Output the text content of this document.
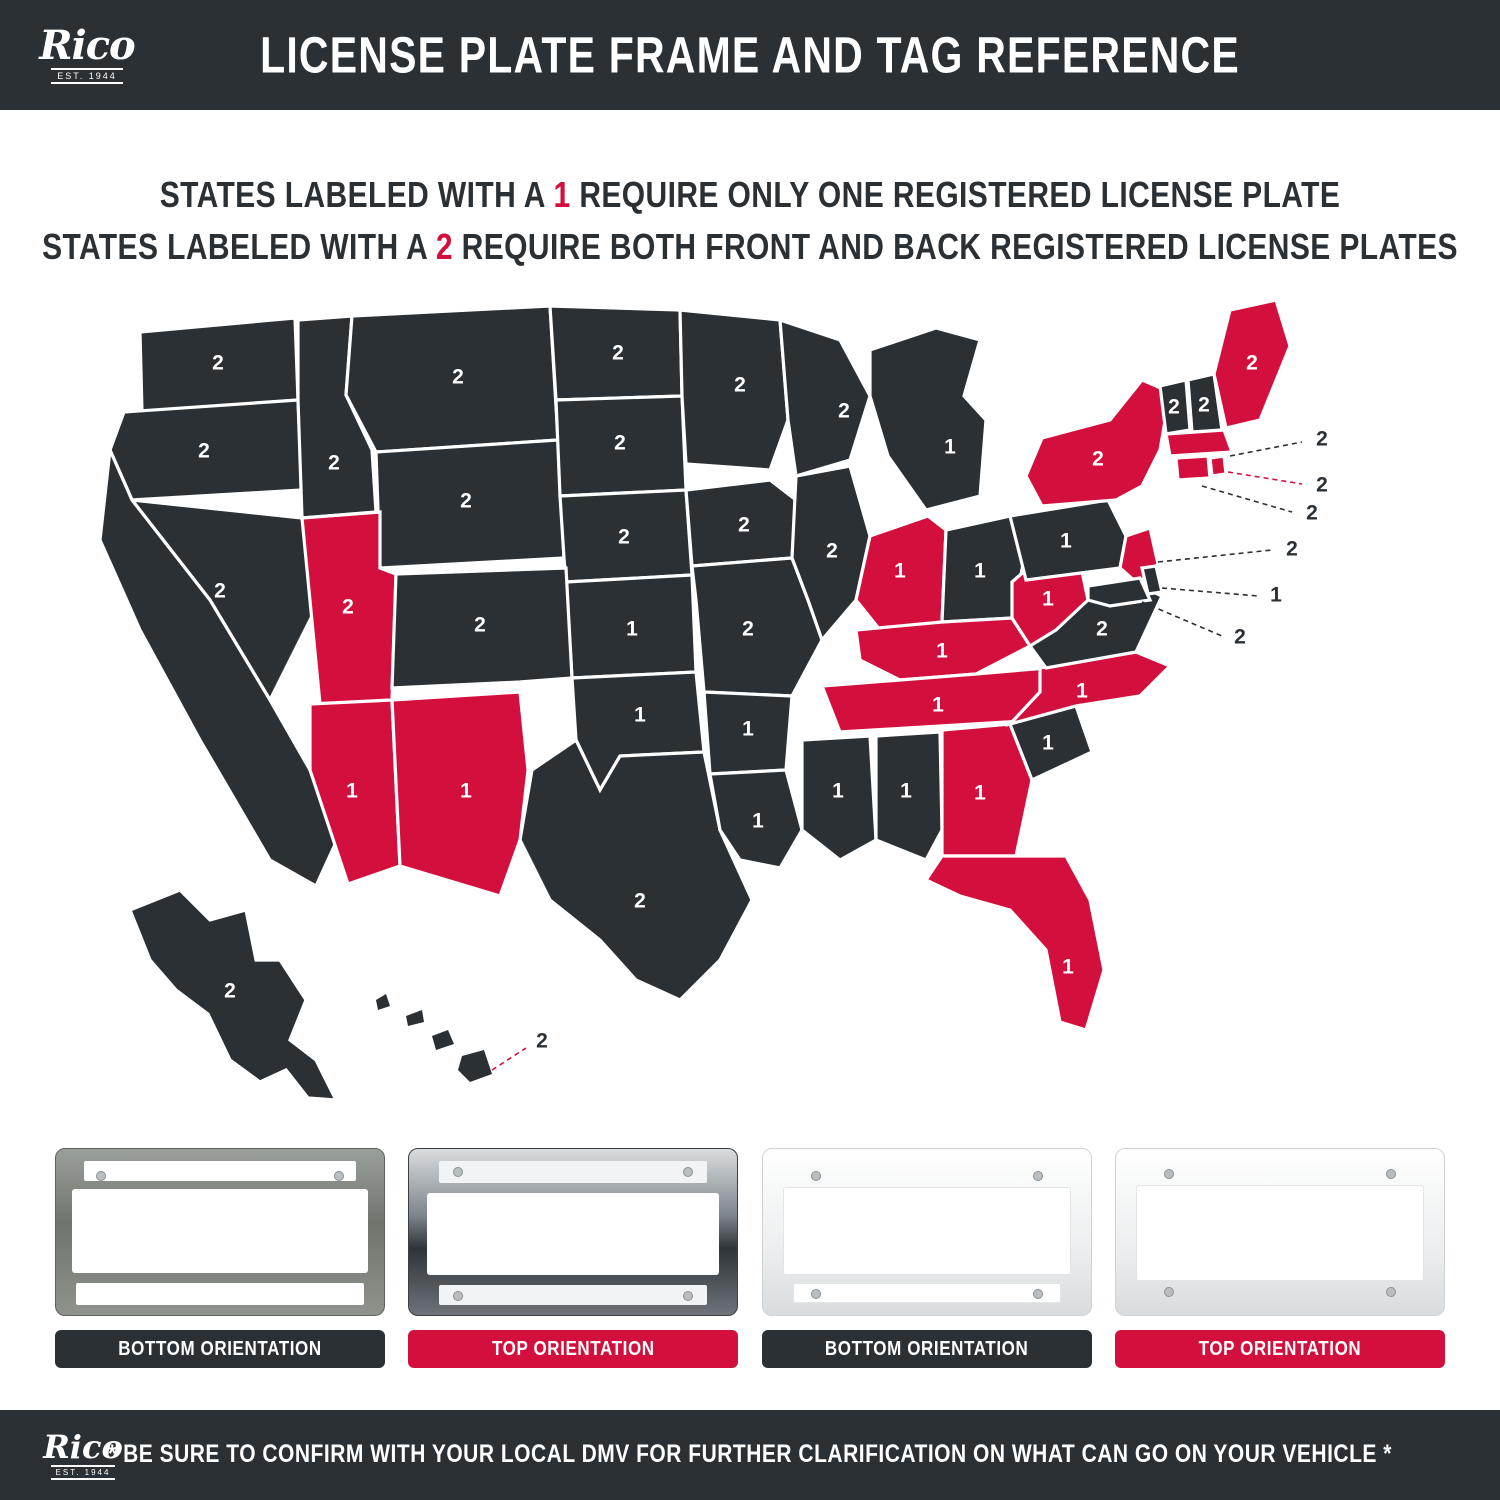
Rico
EST. 1944	LICENSE PLATE FRAME AND TAG REFERENCE
STATES LABELED WITH A 1 REQUIRE ONLY ONE REGISTERED LICENSE PLATE
STATES LABELED WITH A 2 REQUIRE BOTH FRONT AND BACK REGISTERED LICENSE PLATES
2
2
2
2
2
2
2
2
2
1
2
2
2
2
2
2
2
1	1
1
2
2 2
2
1	1
1	2
1
1
2
1
1
1
1
1
1	1	1
1
2
1
2
2
2
2
2
1
2
2
BOTTOM ORIENTATION	TOP ORIENTATION	BOTTOM ORIENTATION	TOP ORIENTATION
Rico
EST. 1944
* BE SURE TO CONFIRM WITH YOUR LOCAL DMV FOR FURTHER CLARIFICATION ON WHAT CAN GO ON YOUR VEHICLE *
